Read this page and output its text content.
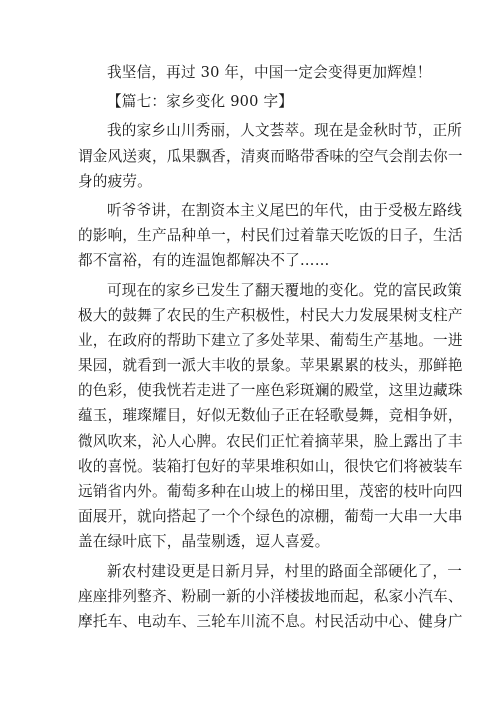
我坚信，再过 30 年，中国一定会变得更加辉煌！
【篇七：家乡变化 900 字】
我的家乡山川秀丽，人文荟萃。现在是金秋时节，正所
谓金风送爽，瓜果飘香，清爽而略带香味的空气会削去你一
身的疲劳。
听爷爷讲，在割资本主义尾巴的年代，由于受极左路线
的影响，生产品种单一，村民们过着靠天吃饭的日子，生活
都不富裕，有的连温饱都解决不了……
可现在的家乡已发生了翻天覆地的变化。党的富民政策
极大的鼓舞了农民的生产积极性，村民大力发展果树支柱产
业，在政府的帮助下建立了多处苹果、葡萄生产基地。一进
果园，就看到一派大丰收的景象。苹果累累的枝头，那鲜艳
的色彩，使我恍若走进了一座色彩斑斓的殿堂，这里边藏珠
蕴玉，璀璨耀目，好似无数仙子正在轻歌曼舞，竞相争妍，
微风吹来，沁人心脾。农民们正忙着摘苹果，脸上露出了丰
收的喜悦。装箱打包好的苹果堆积如山，很快它们将被装车
远销省内外。葡萄多种在山坡上的梯田里，茂密的枝叶向四
面展开，就向搭起了一个个绿色的凉棚，葡萄一大串一大串
盖在绿叶底下，晶莹剔透，逗人喜爱。
新农村建设更是日新月异，村里的路面全部硬化了，一
座座排列整齐、粉刷一新的小洋楼拔地而起，私家小汽车、
摩托车、电动车、三轮车川流不息。村民活动中心、健身广
